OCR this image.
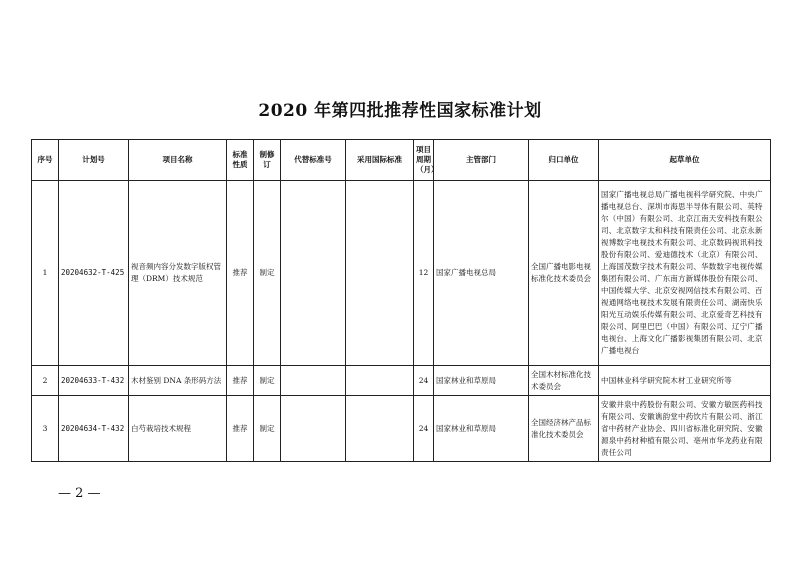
2020 年第四批推荐性国家标准计划
序号	计划号	项目名称	标准性质	制修订	代替标准号	采用国际标准	项目周期（月）	主管部门	归口单位	起草单位
1	20204632-T-425	视音频内容分发数字版权管理（DRM）技术规范	推荐	制定			12	国家广播电视总局	全国广播电影电视标准化技术委员会	国家广播电视总局广播电视科学研究院、中央广播电视总台、深圳市海思半导体有限公司、英特尔（中国）有限公司、北京江南天安科技有限公司、北京数字太和科技有限责任公司、北京永新视博数字电视技术有限公司、北京数码视讯科技股份有限公司、爱迪德技术（北京）有限公司、上海国茂数字技术有限公司、华数数字电视传媒集团有限公司、广东南方新媒体股份有限公司、中国传媒大学、北京安视网信技术有限公司、百视通网络电视技术发展有限责任公司、湖南快乐阳光互动娱乐传媒有限公司、北京爱奇艺科技有限公司、阿里巴巴（中国）有限公司、辽宁广播电视台、上海文化广播影视集团有限公司、北京广播电视台
2	20204633-T-432	木材鉴别 DNA 条形码方法	推荐	制定			24	国家林业和草原局	全国木材标准化技术委员会	中国林业科学研究院木材工业研究所等
3	20204634-T-432	白芍栽培技术规程	推荐	制定			24	国家林业和草原局	全国经济林产品标准化技术委员会	安徽井泉中药股份有限公司、安徽方敏医药科技有限公司、安徽谯韵堂中药饮片有限公司、浙江省中药材产业协会、四川省标准化研究院、安徽源泉中药材种植有限公司、亳州市华龙药业有限责任公司
— 2 —
